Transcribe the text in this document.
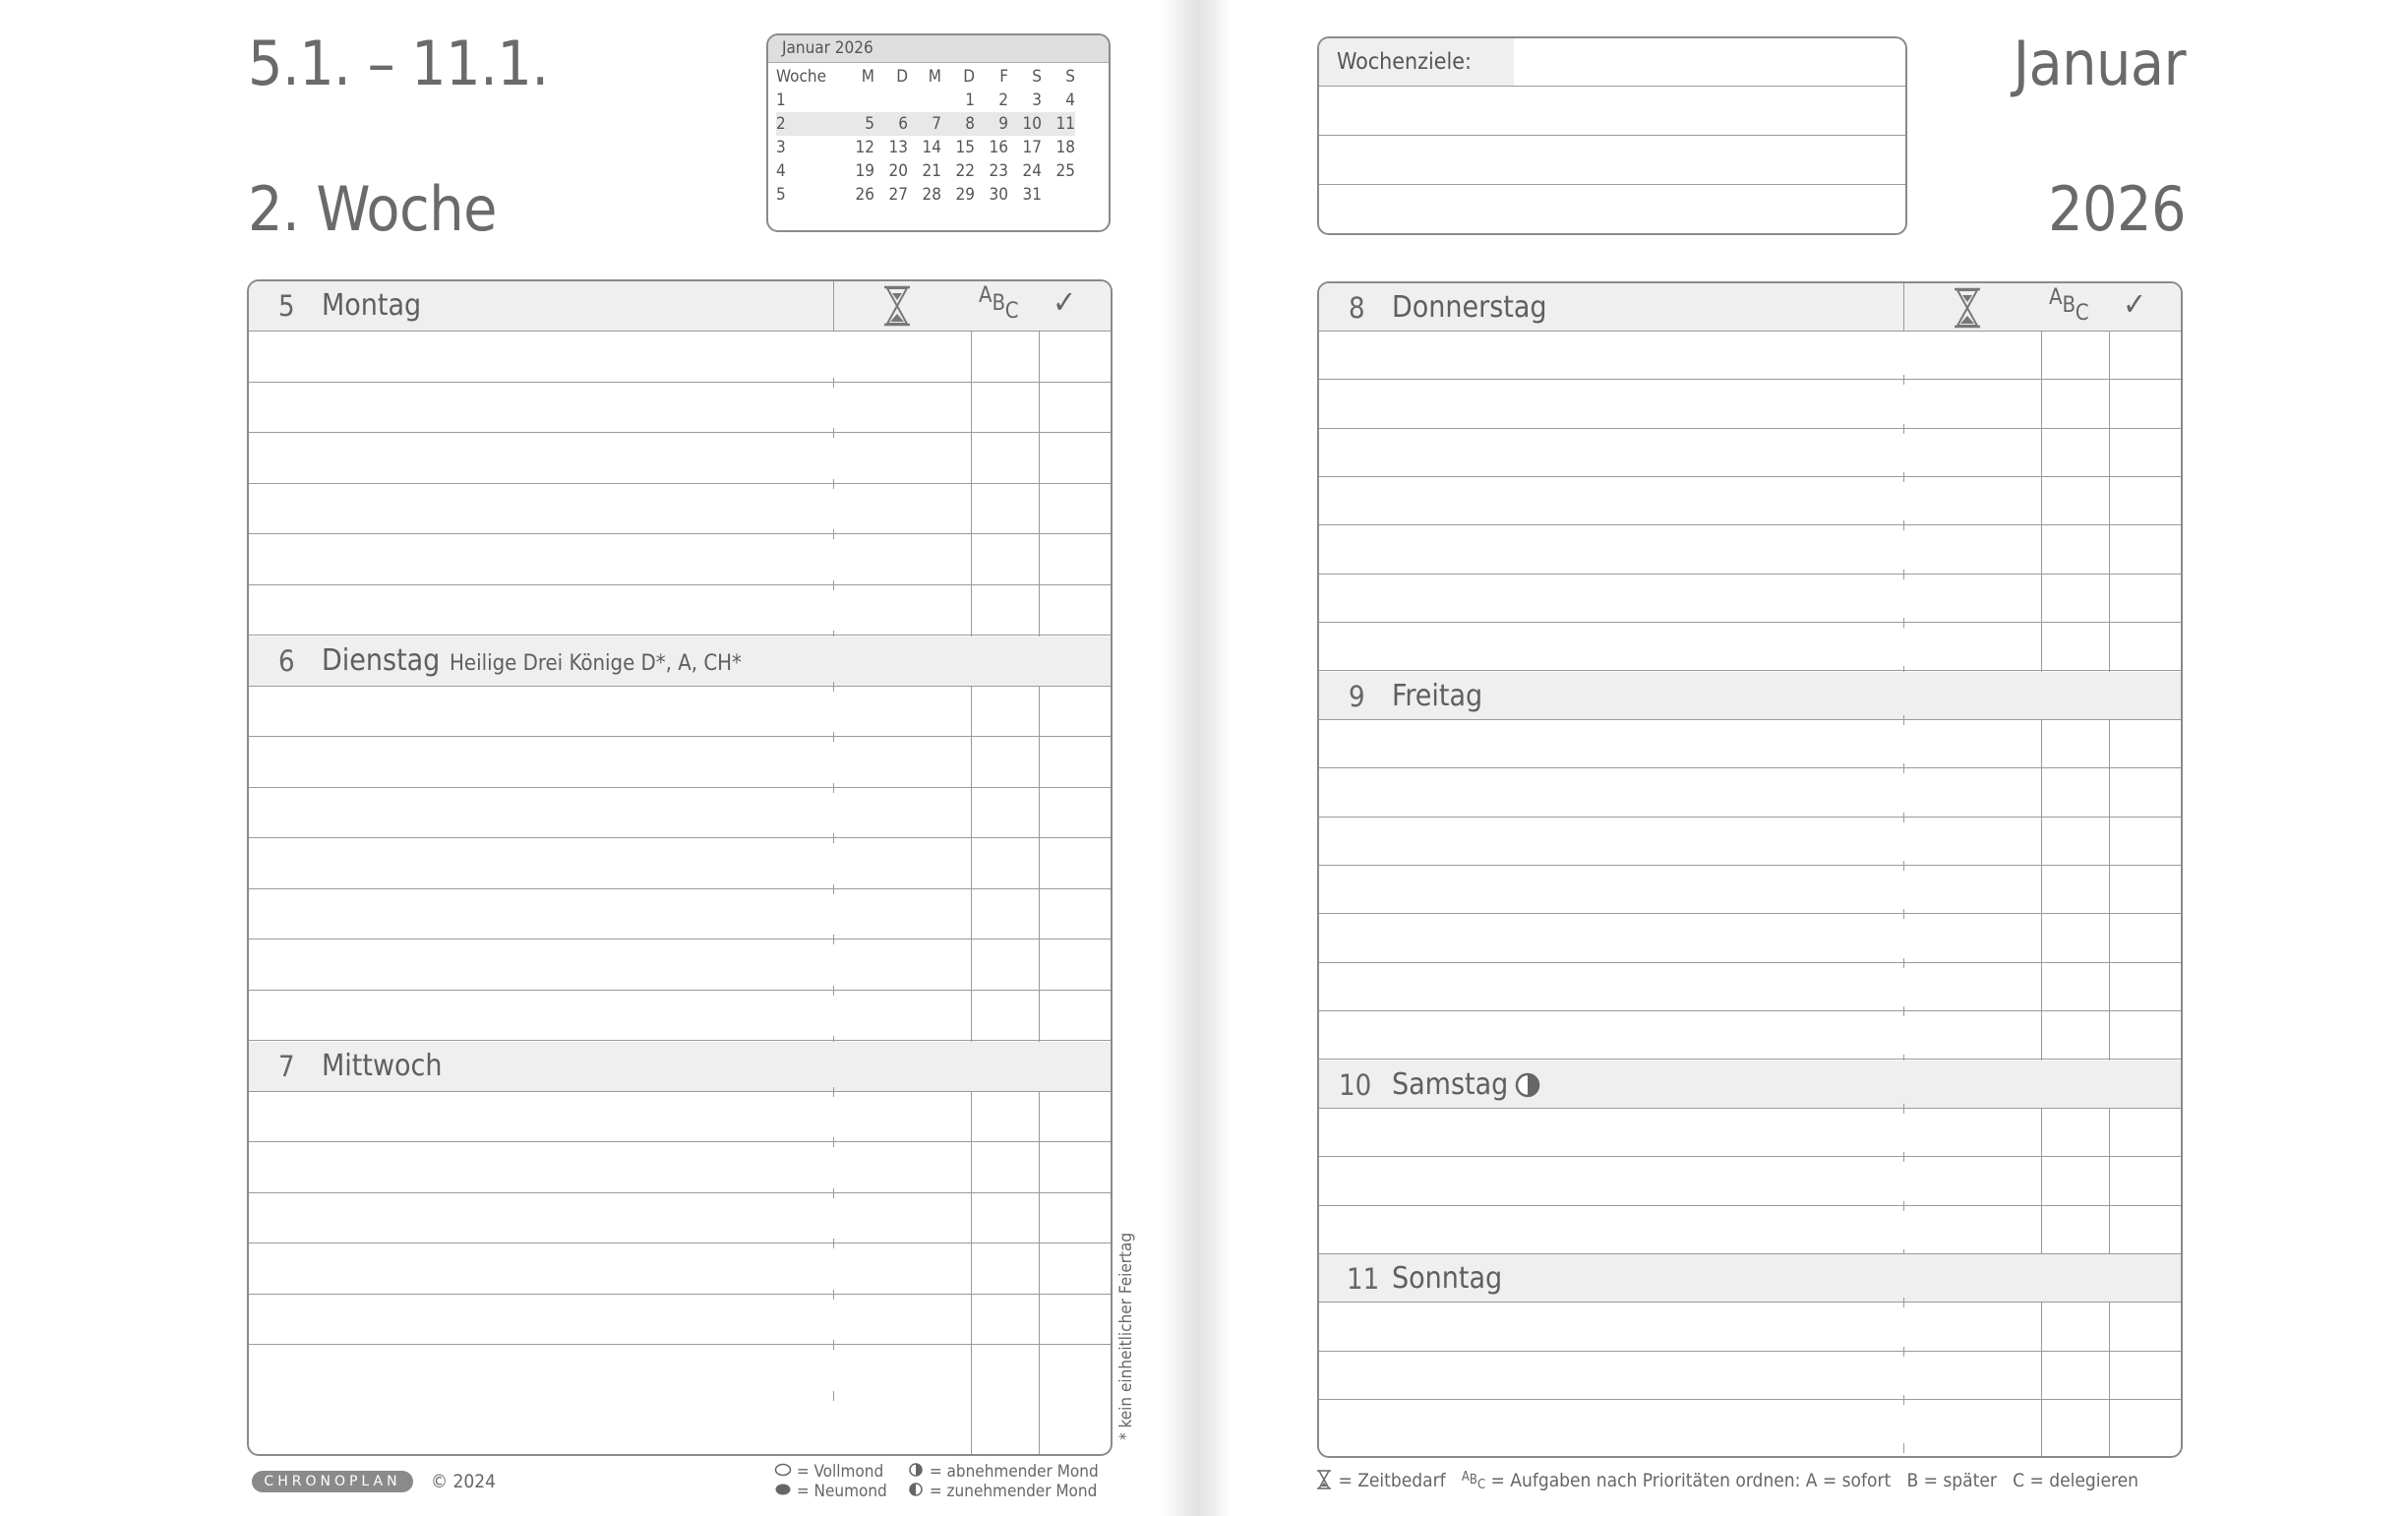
5.1. – 11.1.
2. Woche
Januar 2026
Woche	M	D	M	D	F	S	S
1				1	2	3	4
2	5	6	7	8	9	10	11
3	12	13	14	15	16	17	18
4	19	20	21	22	23	24	25
5	26	27	28	29	30	31	
ABC ✓
5 Montag
6 Dienstag Heilige Drei Könige D*, A, CH*
7 Mittwoch
* kein einheitlicher Feiertag
CHRONOPLAN	© 2024	= Vollmond
= Neumond
= abnehmender Mond
= zunehmender Mond
Wochenziele:	Januar
2026
ABC ✓
8 Donnerstag
9 Freitag
10 Samstag
11 Sonntag
= Zeitbedarf $^A$BC = Aufgaben nach Prioritäten ordnen: A = sofort   B = später   C = delegieren
